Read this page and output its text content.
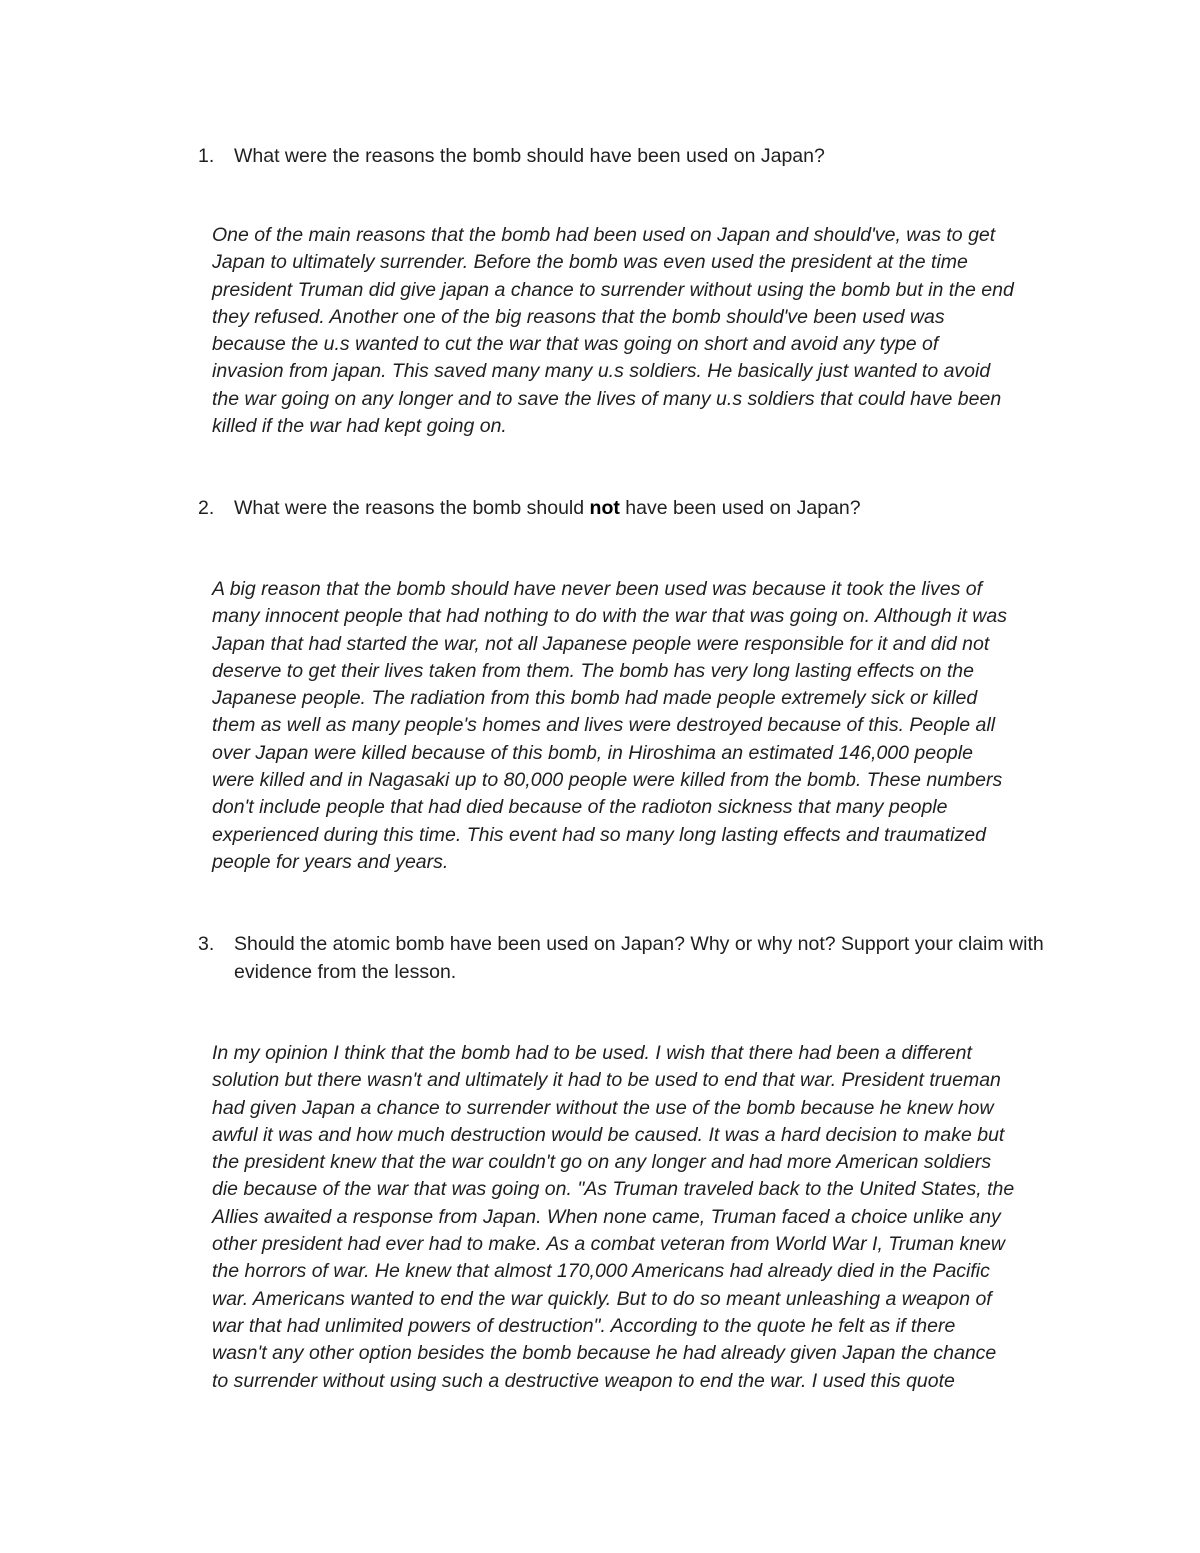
1.	What were the reasons the bomb should have been used on Japan?
One of the main reasons that the bomb had been used on Japan and should've, was to get
Japan to ultimately surrender. Before the bomb was even used the president at the time
president Truman did give japan a chance to surrender without using the bomb but in the end
they refused. Another one of the big reasons that the bomb should've been used was
because the u.s wanted to cut the war that was going on short and avoid any type of
invasion from japan. This saved many many u.s soldiers. He basically just wanted to avoid
the war going on any longer and to save the lives of many u.s soldiers that could have been
killed if the war had kept going on.
2.	What were the reasons the bomb should not have been used on Japan?
A big reason that the bomb should have never been used was because it took the lives of
many innocent people that had nothing to do with the war that was going on. Although it was
Japan that had started the war, not all Japanese people were responsible for it and did not
deserve to get their lives taken from them. The bomb has very long lasting effects on the
Japanese people. The radiation from this bomb had made people extremely sick or killed
them as well as many people's homes and lives were destroyed because of this. People all
over Japan were killed because of this bomb, in Hiroshima an estimated 146,000 people
were killed and in Nagasaki up to 80,000 people were killed from the bomb. These numbers
don't include people that had died because of the radioton sickness that many people
experienced during this time. This event had so many long lasting effects and traumatized
people for years and years.
3.	Should the atomic bomb have been used on Japan? Why or why not? Support your claim with evidence from the lesson.
In my opinion I think that the bomb had to be used. I wish that there had been a different
solution but there wasn't and ultimately it had to be used to end that war. President trueman
had given Japan a chance to surrender without the use of the bomb because he knew how
awful it was and how much destruction would be caused. It was a hard decision to make but
the president knew that the war couldn't go on any longer and had more American soldiers
die because of the war that was going on. "As Truman traveled back to the United States, the
Allies awaited a response from Japan. When none came, Truman faced a choice unlike any
other president had ever had to make. As a combat veteran from World War I, Truman knew
the horrors of war. He knew that almost 170,000 Americans had already died in the Pacific
war. Americans wanted to end the war quickly. But to do so meant unleashing a weapon of
war that had unlimited powers of destruction". According to the quote he felt as if there
wasn't any other option besides the bomb because he had already given Japan the chance
to surrender without using such a destructive weapon to end the war. I used this quote
